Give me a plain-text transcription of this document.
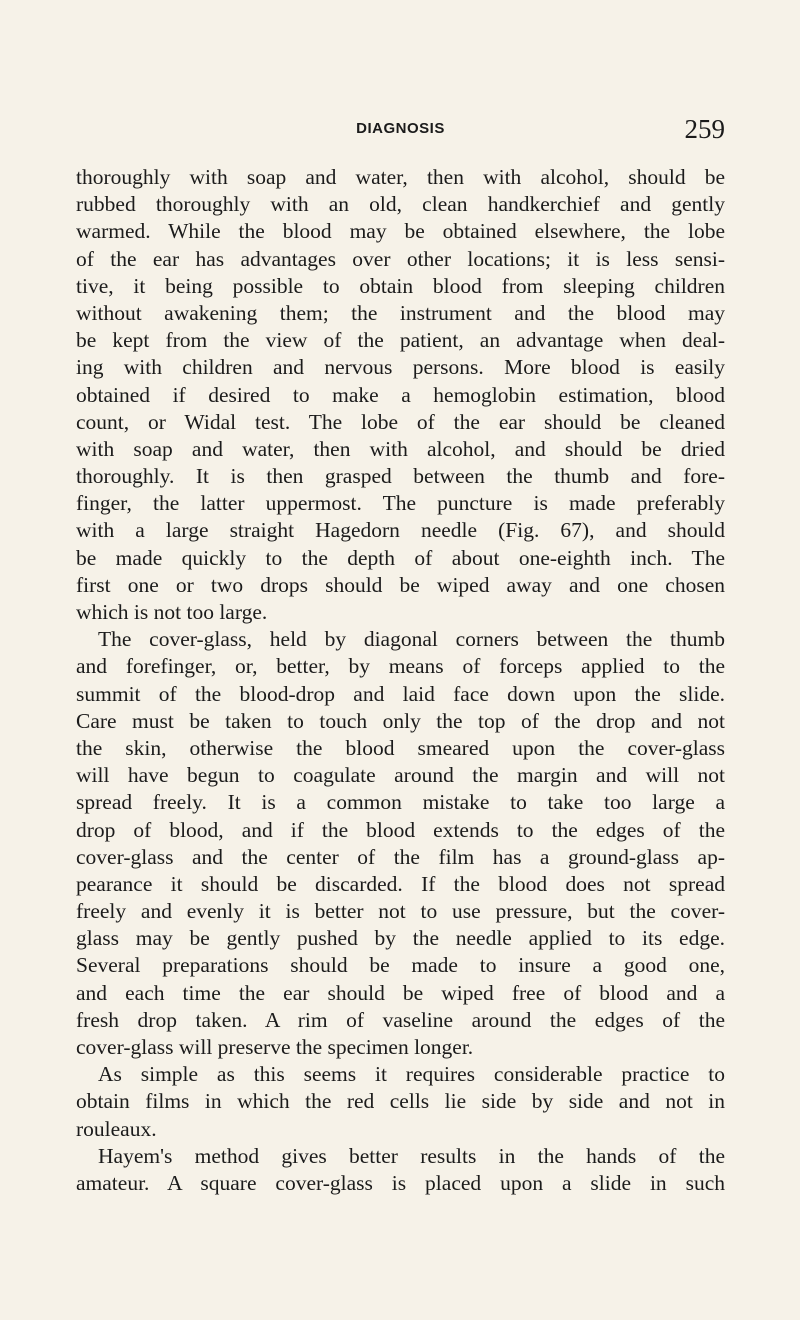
DIAGNOSIS	259
thoroughly with soap and water, then with alcohol, should be
rubbed thoroughly with an old, clean handkerchief and gently
warmed. While the blood may be obtained elsewhere, the lobe
of the ear has advantages over other locations; it is less sensi-
tive, it being possible to obtain blood from sleeping children
without awakening them; the instrument and the blood may
be kept from the view of the patient, an advantage when deal-
ing with children and nervous persons. More blood is easily
obtained if desired to make a hemoglobin estimation, blood
count, or Widal test. The lobe of the ear should be cleaned
with soap and water, then with alcohol, and should be dried
thoroughly. It is then grasped between the thumb and fore-
finger, the latter uppermost. The puncture is made preferably
with a large straight Hagedorn needle (Fig. 67), and should
be made quickly to the depth of about one-eighth inch. The
first one or two drops should be wiped away and one chosen
which is not too large.
The cover-glass, held by diagonal corners between the thumb
and forefinger, or, better, by means of forceps applied to the
summit of the blood-drop and laid face down upon the slide.
Care must be taken to touch only the top of the drop and not
the skin, otherwise the blood smeared upon the cover-glass
will have begun to coagulate around the margin and will not
spread freely. It is a common mistake to take too large a
drop of blood, and if the blood extends to the edges of the
cover-glass and the center of the film has a ground-glass ap-
pearance it should be discarded. If the blood does not spread
freely and evenly it is better not to use pressure, but the cover-
glass may be gently pushed by the needle applied to its edge.
Several preparations should be made to insure a good one,
and each time the ear should be wiped free of blood and a
fresh drop taken. A rim of vaseline around the edges of the
cover-glass will preserve the specimen longer.
As simple as this seems it requires considerable practice to
obtain films in which the red cells lie side by side and not in
rouleaux.
Hayem's method gives better results in the hands of the
amateur. A square cover-glass is placed upon a slide in such
